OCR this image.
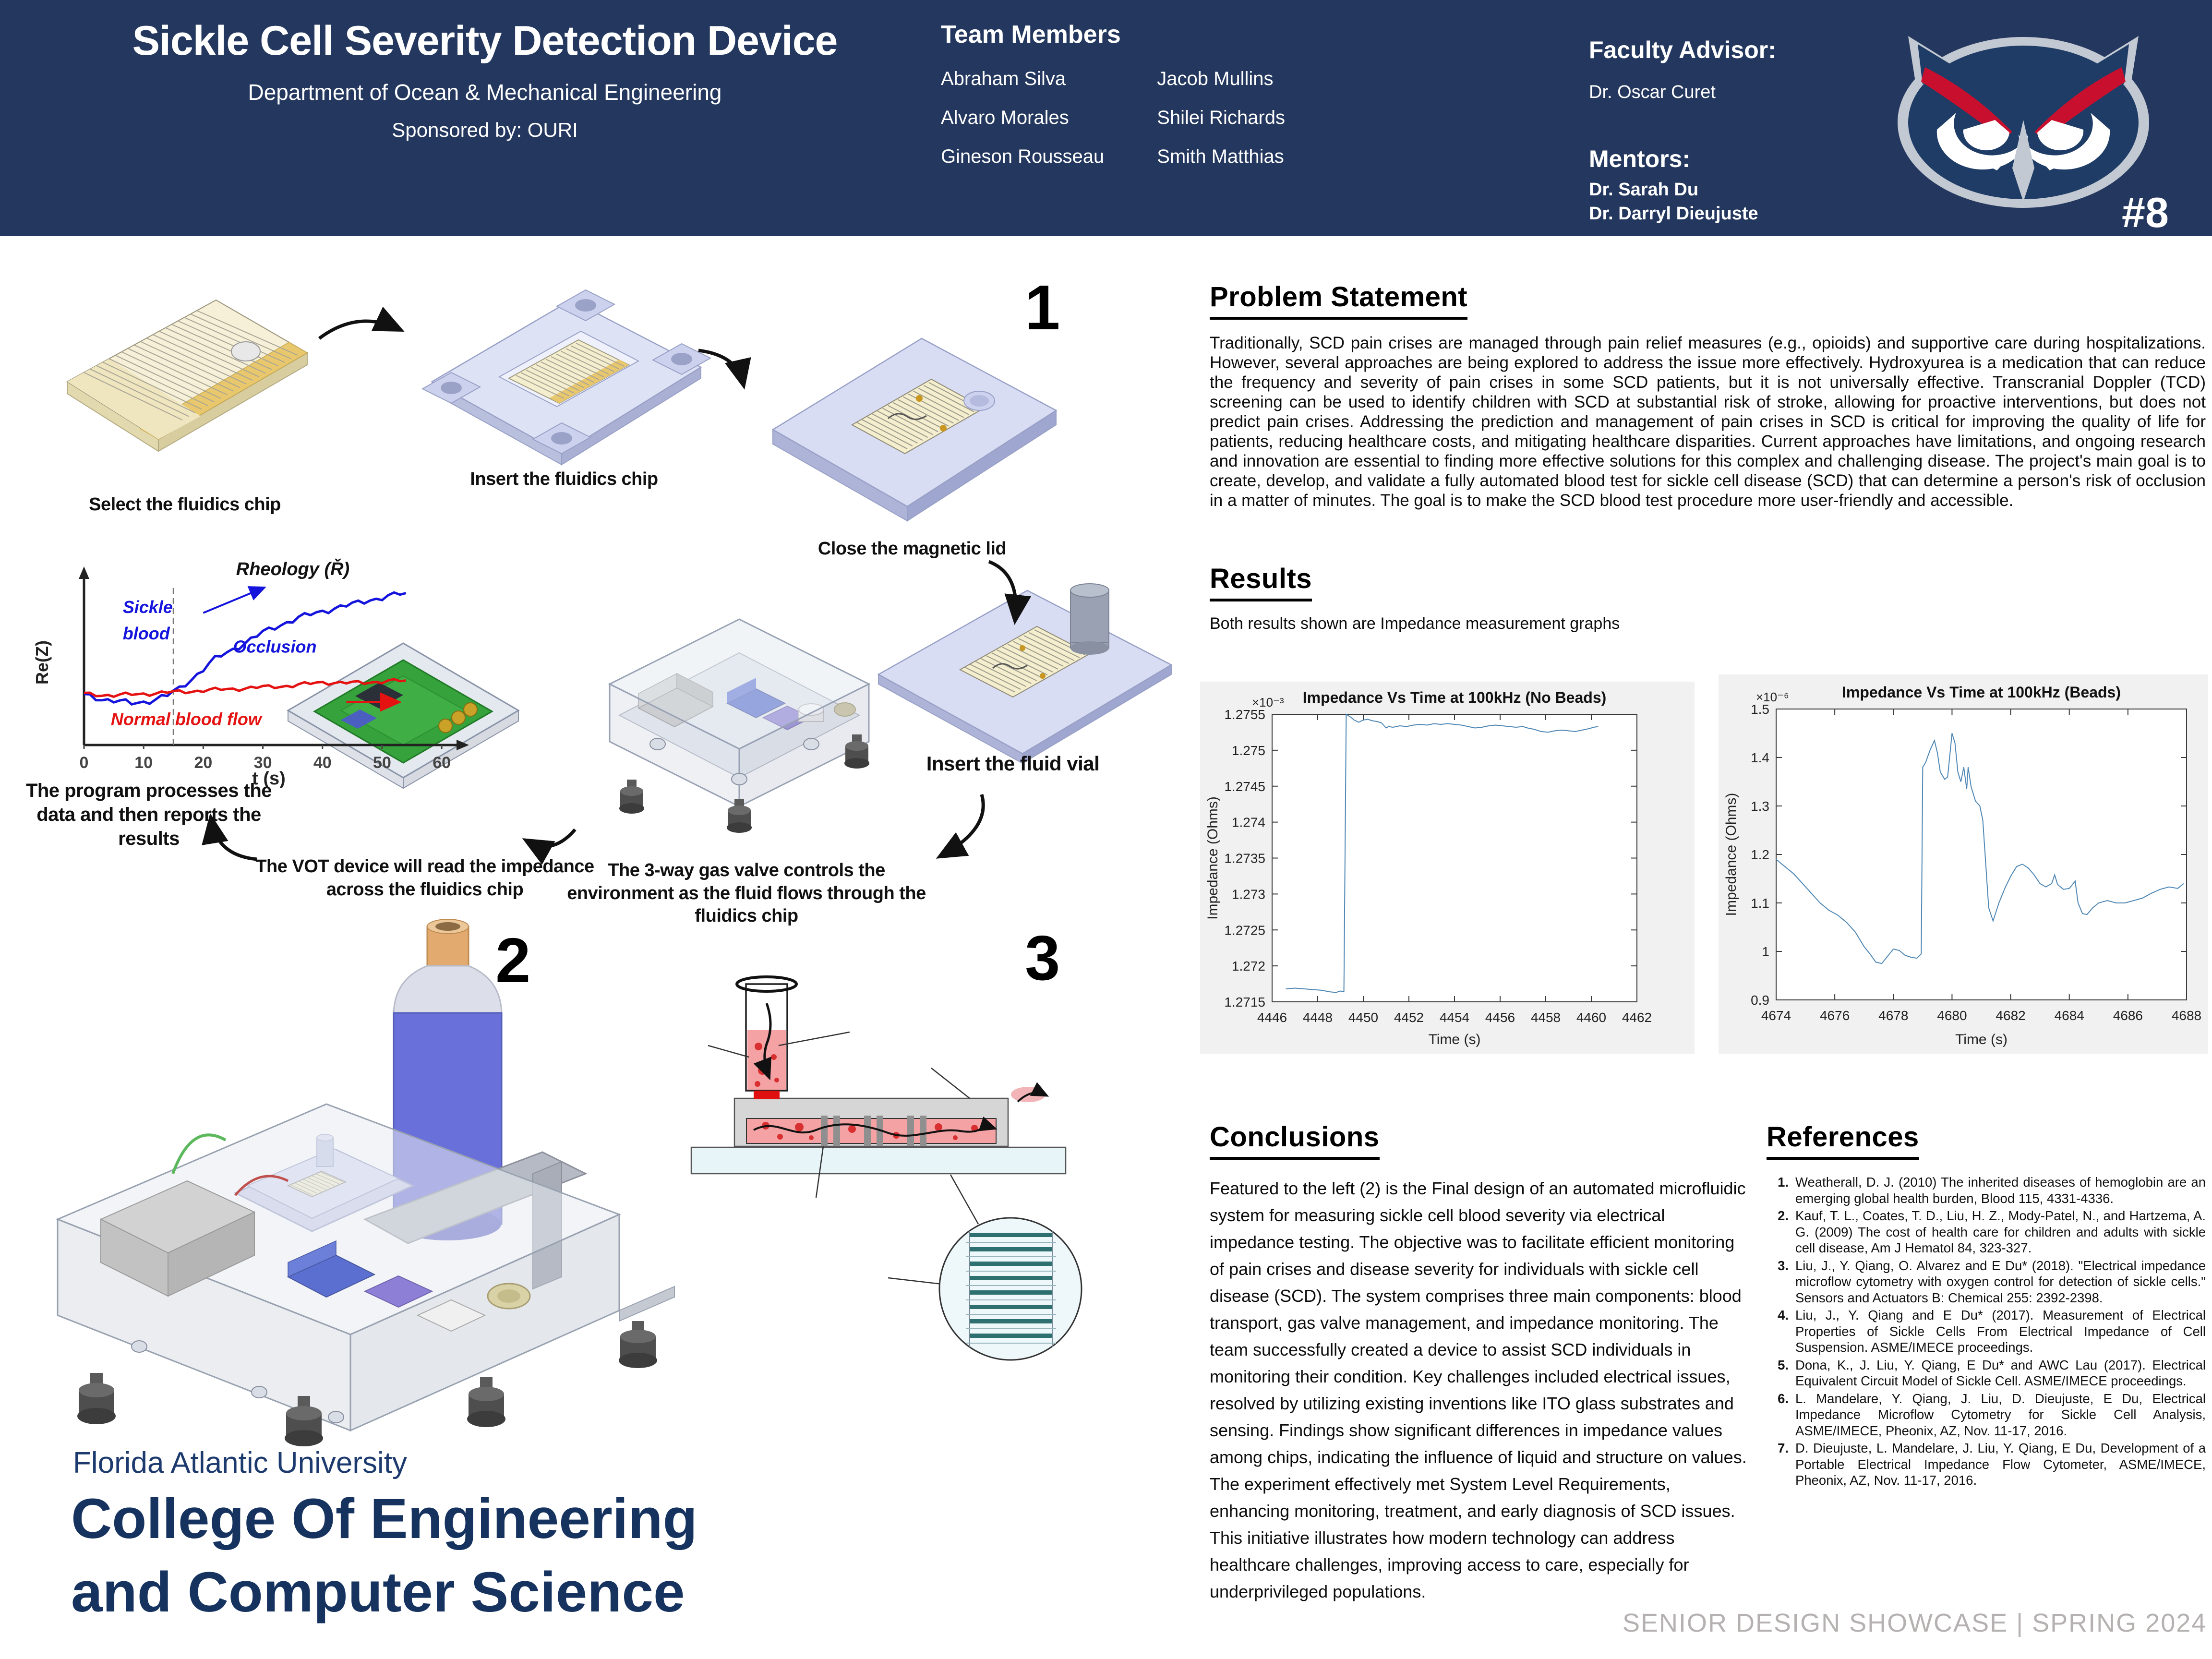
Sickle Cell Severity Detection Device
Department of Ocean & Mechanical Engineering
Sponsored by: OURI
Team Members
Abraham Silva
Alvaro Morales
Gineson Rousseau
Jacob Mullins
Shilei Richards
Smith Matthias
Faculty Advisor:
Dr. Oscar Curet
Mentors:
Dr. Sarah Du
Dr. Darryl Dieujuste	#8
0	10	20	30	40	50	60
Rheology (Ř)
Re(Z)
t (s)
Sickle
blood
Occlusion
Normal blood flow
Select the fluidics chip
Insert the fluidics chip
Close the magnetic lid
Insert the fluid vial
The program processes the data and then reports the results
The VOT device will read the impedance across the fluidics chip
The 3-way gas valve controls the environment as the fluid flows through the fluidics chip
1
2	3
Problem Statement
Traditionally, SCD pain crises are managed through pain relief measures (e.g., opioids) and supportive care during hospitalizations. However, several approaches are being explored to address the issue more effectively. Hydroxyurea is a medication that can reduce the frequency and severity of pain crises in some SCD patients, but it is not universally effective. Transcranial Doppler (TCD) screening can be used to identify children with SCD at substantial risk of stroke, allowing for proactive interventions, but does not predict pain crises. Addressing the prediction and management of pain crises in SCD is critical for improving the quality of life for patients, reducing healthcare costs, and mitigating healthcare disparities. Current approaches have limitations, and ongoing research and innovation are essential to finding more effective solutions for this complex and challenging disease. The project's main goal is to create, develop, and validate a fully automated blood test for sickle cell disease (SCD) that can determine a person's risk of occlusion in a matter of minutes. The goal is to make the SCD blood test procedure more user-friendly and accessible.
Results
Both results shown are Impedance measurement graphs
4446 4448 4450 4452 4454 4456 4458 4460 4462
1.2715
1.272
1.2725
1.273
1.2735
1.274
1.2745
1.275
1.2755
Impedance Vs Time at 100kHz (No Beads)
×10⁻³
Time (s)
Impedance (Ohms)
4674 4676 4678 4680 4682 4684 4686 4688
0.9
1
1.1
1.2
1.3
1.4
1.5
Impedance Vs Time at 100kHz (Beads)
×10⁻⁶
Time (s)
Impedance (Ohms)
Conclusions
Featured to the left (2) is the Final design of an automated microfluidic system for measuring sickle cell blood severity via electrical impedance testing. The objective was to facilitate efficient monitoring of pain crises and disease severity for individuals with sickle cell disease (SCD). The system comprises three main components: blood transport, gas valve management, and impedance monitoring. The team successfully created a device to assist SCD individuals in monitoring their condition. Key challenges included electrical issues, resolved by utilizing existing inventions like ITO glass substrates and sensing. Findings show significant differences in impedance values among chips, indicating the influence of liquid and structure on values. The experiment effectively met System Level Requirements, enhancing monitoring, treatment, and early diagnosis of SCD issues. This initiative illustrates how modern technology can address healthcare challenges, improving access to care, especially for underprivileged populations.
References
1. Weatherall, D. J. (2010) The inherited diseases of hemoglobin are an emerging global health burden, Blood 115, 4331-4336.
2. Kauf, T. L., Coates, T. D., Liu, H. Z., Mody-Patel, N., and Hartzema, A. G. (2009) The cost of health care for children and adults with sickle cell disease, Am J Hematol 84, 323-327.
3. Liu, J., Y. Qiang, O. Alvarez and E Du* (2018). "Electrical impedance microflow cytometry with oxygen control for detection of sickle cells." Sensors and Actuators B: Chemical 255: 2392-2398.
4. Liu, J., Y. Qiang and E Du* (2017). Measurement of Electrical Properties of Sickle Cells From Electrical Impedance of Cell Suspension. ASME/IMECE proceedings.
5. Dona, K., J. Liu, Y. Qiang, E Du* and AWC Lau (2017). Electrical Equivalent Circuit Model of Sickle Cell. ASME/IMECE proceedings.
6. L. Mandelare, Y. Qiang, J. Liu, D. Dieujuste, E Du, Electrical Impedance Microflow Cytometry for Sickle Cell Analysis, ASME/IMECE, Pheonix, AZ, Nov. 11-17, 2016.
7. D. Dieujuste, L. Mandelare, J. Liu, Y. Qiang, E Du, Development of a Portable Electrical Impedance Flow Cytometer, ASME/IMECE, Pheonix, AZ, Nov. 11-17, 2016.
Florida Atlantic University
College Of Engineering
and Computer Science	SENIOR DESIGN SHOWCASE | SPRING 2024
